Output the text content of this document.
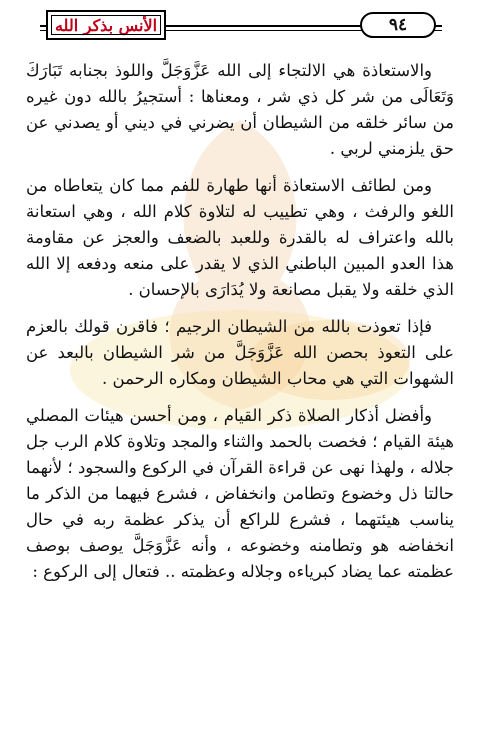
الأنس بذكر الله	٩٤

والاستعاذة هي الالتجاء إلى الله عَزَّوَجَلَّ واللوذ بجنابه تَبَارَكَ وَتَعَالَى من شر كل ذي شر ، ومعناها : أستجيرُ بالله دون غيره من سائر خلقه من الشيطان أن يضرني في ديني أو يصدني عن حق يلزمني لربي .

ومن لطائف الاستعاذة أنها طهارة للفم مما كان يتعاطاه من اللغو والرفث ، وهي تطييب له لتلاوة كلام الله ، وهي استعانة بالله واعتراف له بالقدرة وللعبد بالضعف والعجز عن مقاومة هذا العدو المبين الباطني الذي لا يقدر على منعه ودفعه إلا الله الذي خلقه ولا يقبل مصانعة ولا يُدَارَى بالإحسان .

فإذا تعوذت بالله من الشيطان الرجيم ؛ فاقرن قولك بالعزم على التعوذ بحصن الله عَزَّوَجَلَّ من شر الشيطان بالبعد عن الشهوات التي هي محاب الشيطان ومكاره الرحمن .

وأفضل أذكار الصلاة ذكر القيام ، ومن أحسن هيئات المصلي هيئة القيام ؛ فخصت بالحمد والثناء والمجد وتلاوة كلام الرب جل جلاله ، ولهذا نهى عن قراءة القرآن في الركوع والسجود ؛ لأنهما حالتا ذل وخضوع وتطامن وانخفاض ، فشرع فيهما من الذكر ما يناسب هيئتهما ، فشرع للراكع أن يذكر عظمة ربه في حال انخفاضه هو وتطامنه وخضوعه ، وأنه عَزَّوَجَلَّ يوصف بوصف عظمته عما يضاد كبرياءه وجلاله وعظمته .. فتعال إلى الركوع :
